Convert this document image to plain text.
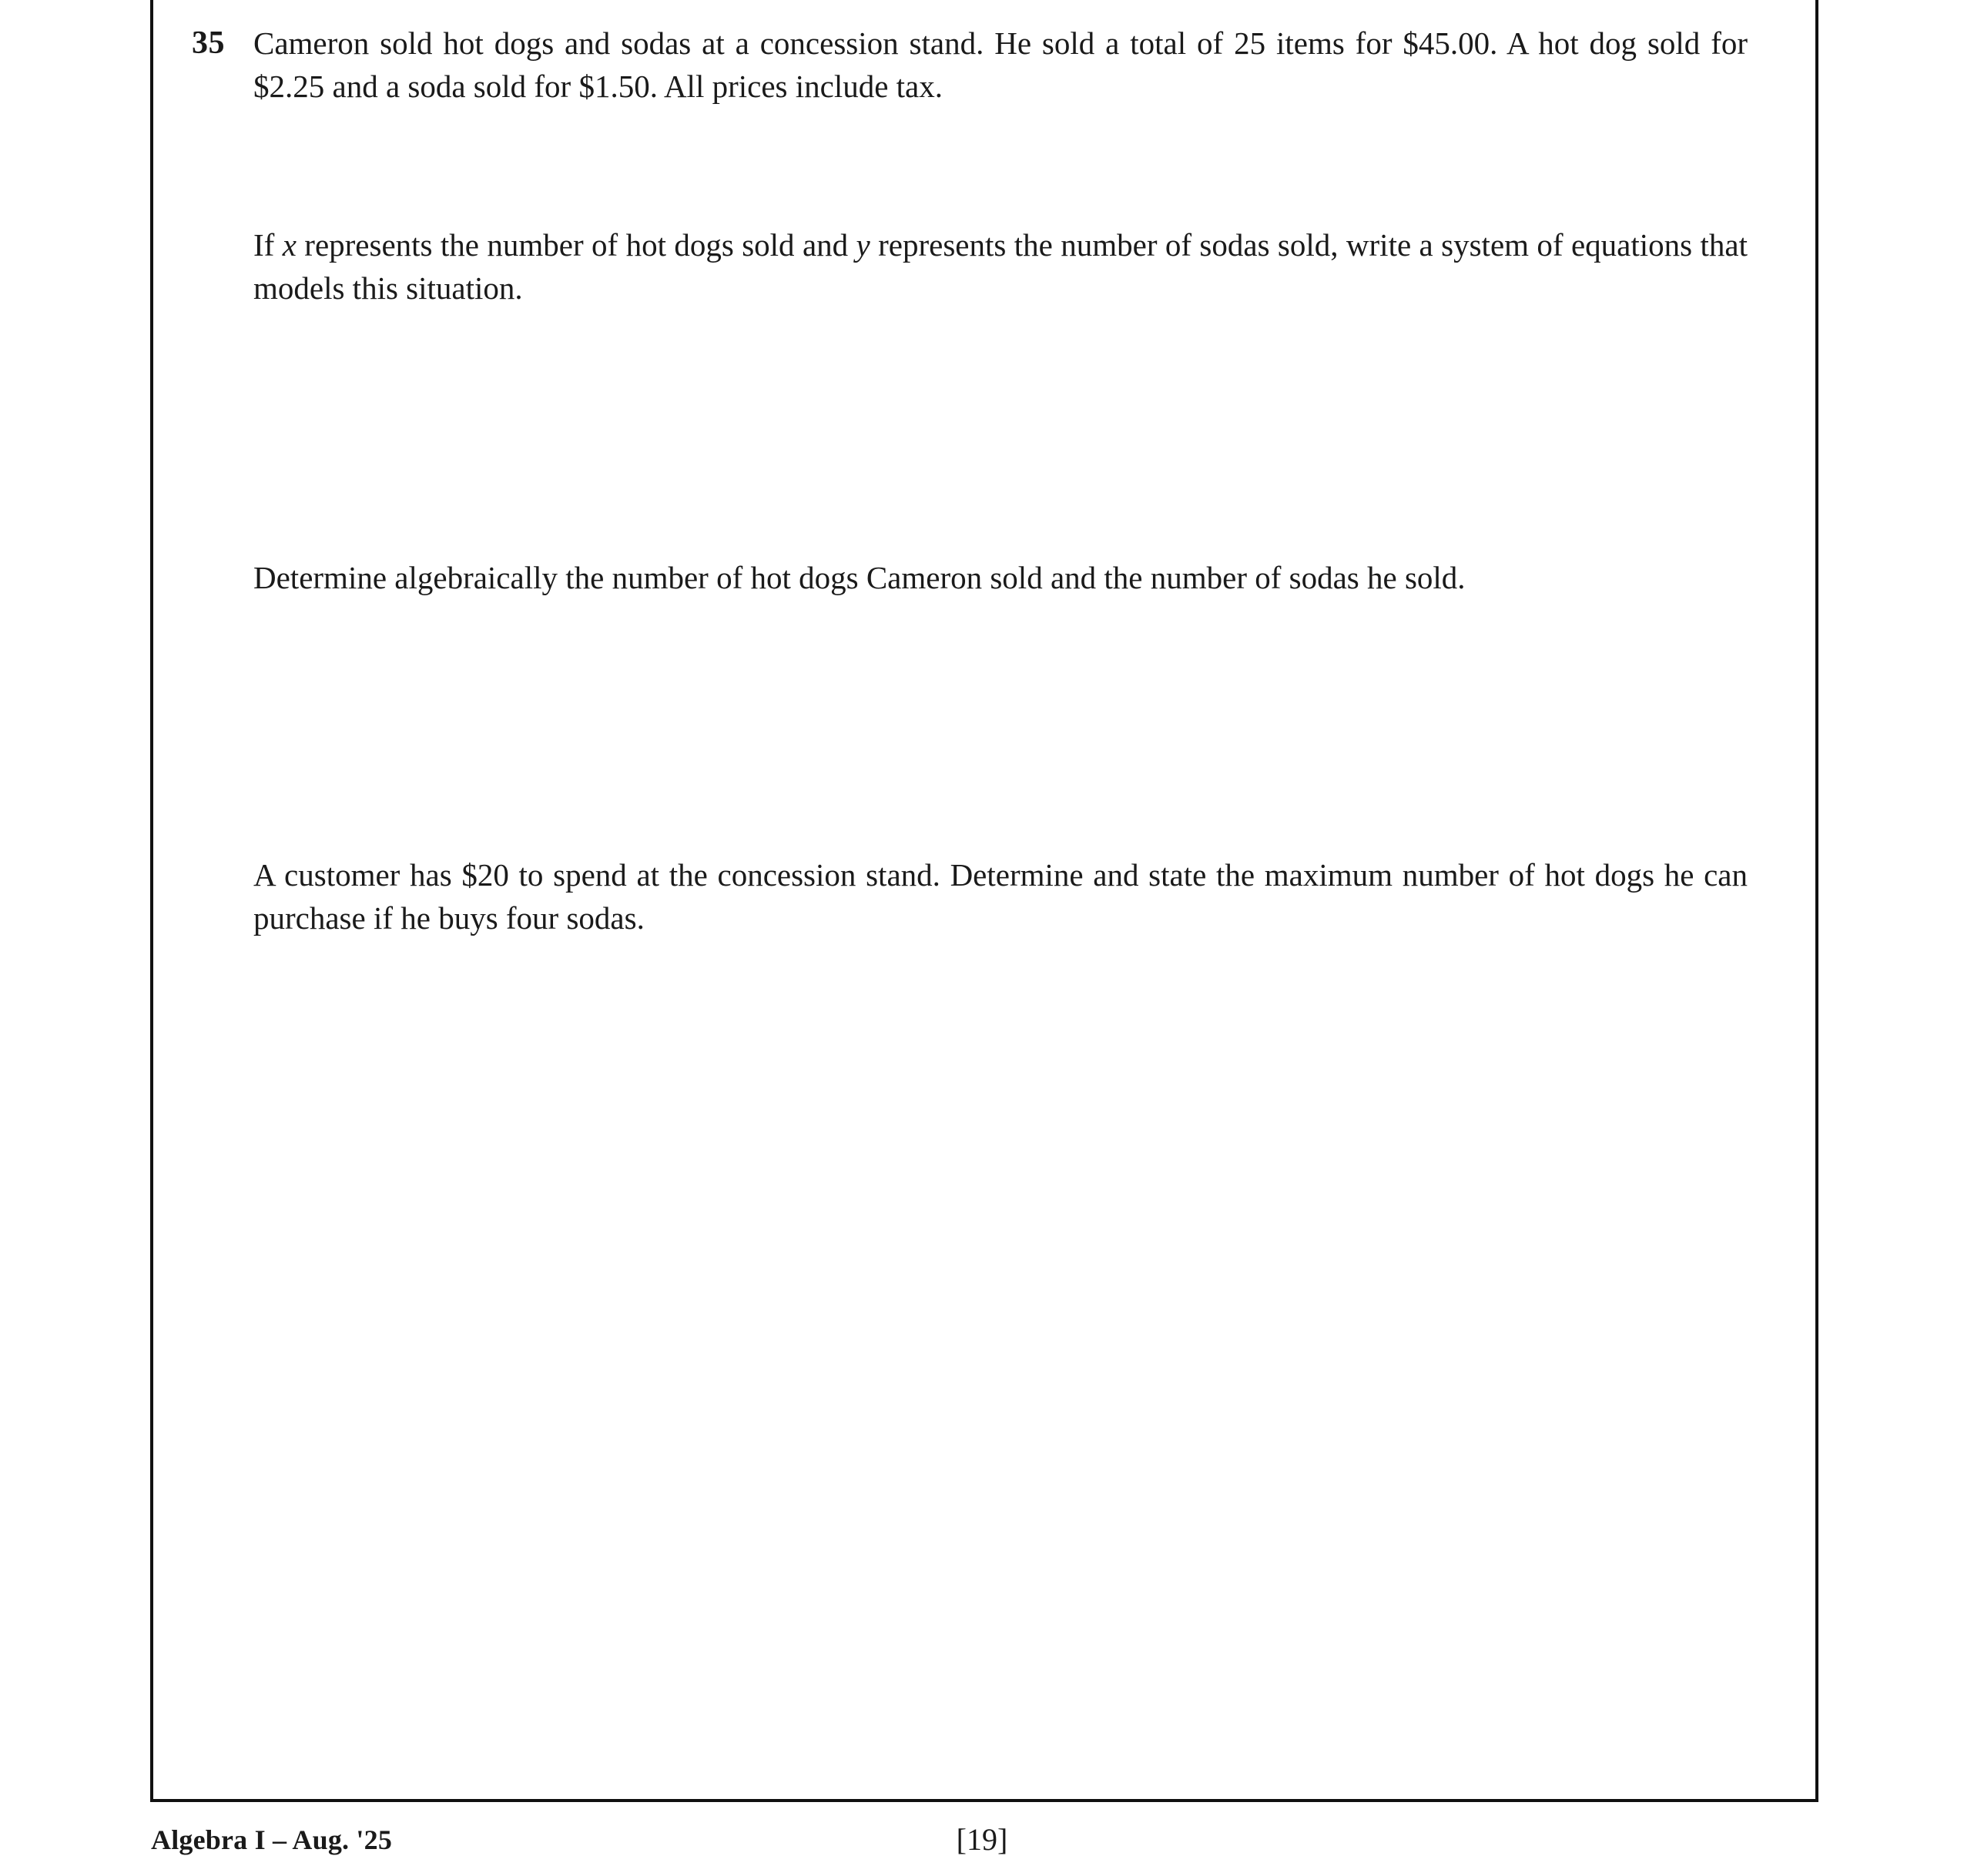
35 Cameron sold hot dogs and sodas at a concession stand. He sold a total of 25 items for $45.00. A hot dog sold for $2.25 and a soda sold for $1.50. All prices include tax.

If x represents the number of hot dogs sold and y represents the number of sodas sold, write a system of equations that models this situation.

Determine algebraically the number of hot dogs Cameron sold and the number of sodas he sold.

A customer has $20 to spend at the concession stand. Determine and state the maximum number of hot dogs he can purchase if he buys four sodas.

Algebra I – Aug. '25	[19]
